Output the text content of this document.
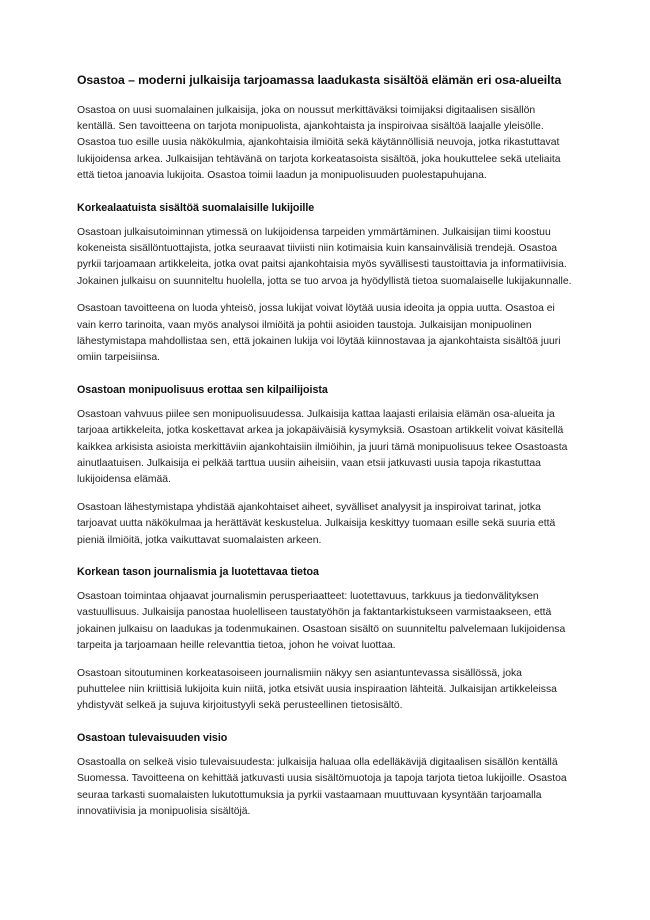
Osastoa – moderni julkaisija tarjoamassa laadukasta sisältöä elämän eri osa-alueilta

Osastoa on uusi suomalainen julkaisija, joka on noussut merkittäväksi toimijaksi digitaalisen sisällön kentällä. Sen tavoitteena on tarjota monipuolista, ajankohtaista ja inspiroivaa sisältöä laajalle yleisölle. Osastoa tuo esille uusia näkökulmia, ajankohtaisia ilmiöitä sekä käytännöllisiä neuvoja, jotka rikastuttavat lukijoidensa arkea. Julkaisijan tehtävänä on tarjota korkeatasoista sisältöä, joka houkuttelee sekä uteliaita että tietoa janoavia lukijoita. Osastoa toimii laadun ja monipuolisuuden puolestapuhujana.

Korkealaatuista sisältöä suomalaisille lukijoille

Osastoan julkaisutoiminnan ytimessä on lukijoidensa tarpeiden ymmärtäminen. Julkaisijan tiimi koostuu kokeneista sisällöntuottajista, jotka seuraavat tiiviisti niin kotimaisia kuin kansainvälisiä trendejä. Osastoa pyrkii tarjoamaan artikkeleita, jotka ovat paitsi ajankohtaisia myös syvällisesti taustoittavia ja informatiivisia. Jokainen julkaisu on suunniteltu huolella, jotta se tuo arvoa ja hyödyllistä tietoa suomalaiselle lukijakunnalle.

Osastoan tavoitteena on luoda yhteisö, jossa lukijat voivat löytää uusia ideoita ja oppia uutta. Osastoa ei vain kerro tarinoita, vaan myös analysoi ilmiöitä ja pohtii asioiden taustoja. Julkaisijan monipuolinen lähestymistapa mahdollistaa sen, että jokainen lukija voi löytää kiinnostavaa ja ajankohtaista sisältöä juuri omiin tarpeisiinsa.

Osastoan monipuolisuus erottaa sen kilpailijoista

Osastoan vahvuus piilee sen monipuolisuudessa. Julkaisija kattaa laajasti erilaisia elämän osa-alueita ja tarjoaa artikkeleita, jotka koskettavat arkea ja jokapäiväisiä kysymyksiä. Osastoan artikkelit voivat käsitellä kaikkea arkisista asioista merkittäviin ajankohtaisiin ilmiöihin, ja juuri tämä monipuolisuus tekee Osastoasta ainutlaatuisen. Julkaisija ei pelkää tarttua uusiin aiheisiin, vaan etsii jatkuvasti uusia tapoja rikastuttaa lukijoidensa elämää.

Osastoan lähestymistapa yhdistää ajankohtaiset aiheet, syvälliset analyysit ja inspiroivat tarinat, jotka tarjoavat uutta näkökulmaa ja herättävät keskustelua. Julkaisija keskittyy tuomaan esille sekä suuria että pieniä ilmiöitä, jotka vaikuttavat suomalaisten arkeen.

Korkean tason journalismia ja luotettavaa tietoa

Osastoan toimintaa ohjaavat journalismin perusperiaatteet: luotettavuus, tarkkuus ja tiedonvälityksen vastuullisuus. Julkaisija panostaa huolelliseen taustatyöhön ja faktantarkistukseen varmistaakseen, että jokainen julkaisu on laadukas ja todenmukainen. Osastoan sisältö on suunniteltu palvelemaan lukijoidensa tarpeita ja tarjoamaan heille relevanttia tietoa, johon he voivat luottaa.

Osastoan sitoutuminen korkeatasoiseen journalismiin näkyy sen asiantuntevassa sisällössä, joka puhuttelee niin kriittisiä lukijoita kuin niitä, jotka etsivät uusia inspiraation lähteitä. Julkaisijan artikkeleissa yhdistyvät selkeä ja sujuva kirjoitustyyli sekä perusteellinen tietosisältö.

Osastoan tulevaisuuden visio

Osastoalla on selkeä visio tulevaisuudesta: julkaisija haluaa olla edelläkävijä digitaalisen sisällön kentällä Suomessa. Tavoitteena on kehittää jatkuvasti uusia sisältömuotoja ja tapoja tarjota tietoa lukijoille. Osastoa seuraa tarkasti suomalaisten lukutottumuksia ja pyrkii vastaamaan muuttuvaan kysyntään tarjoamalla innovatiivisia ja monipuolisia sisältöjä.
